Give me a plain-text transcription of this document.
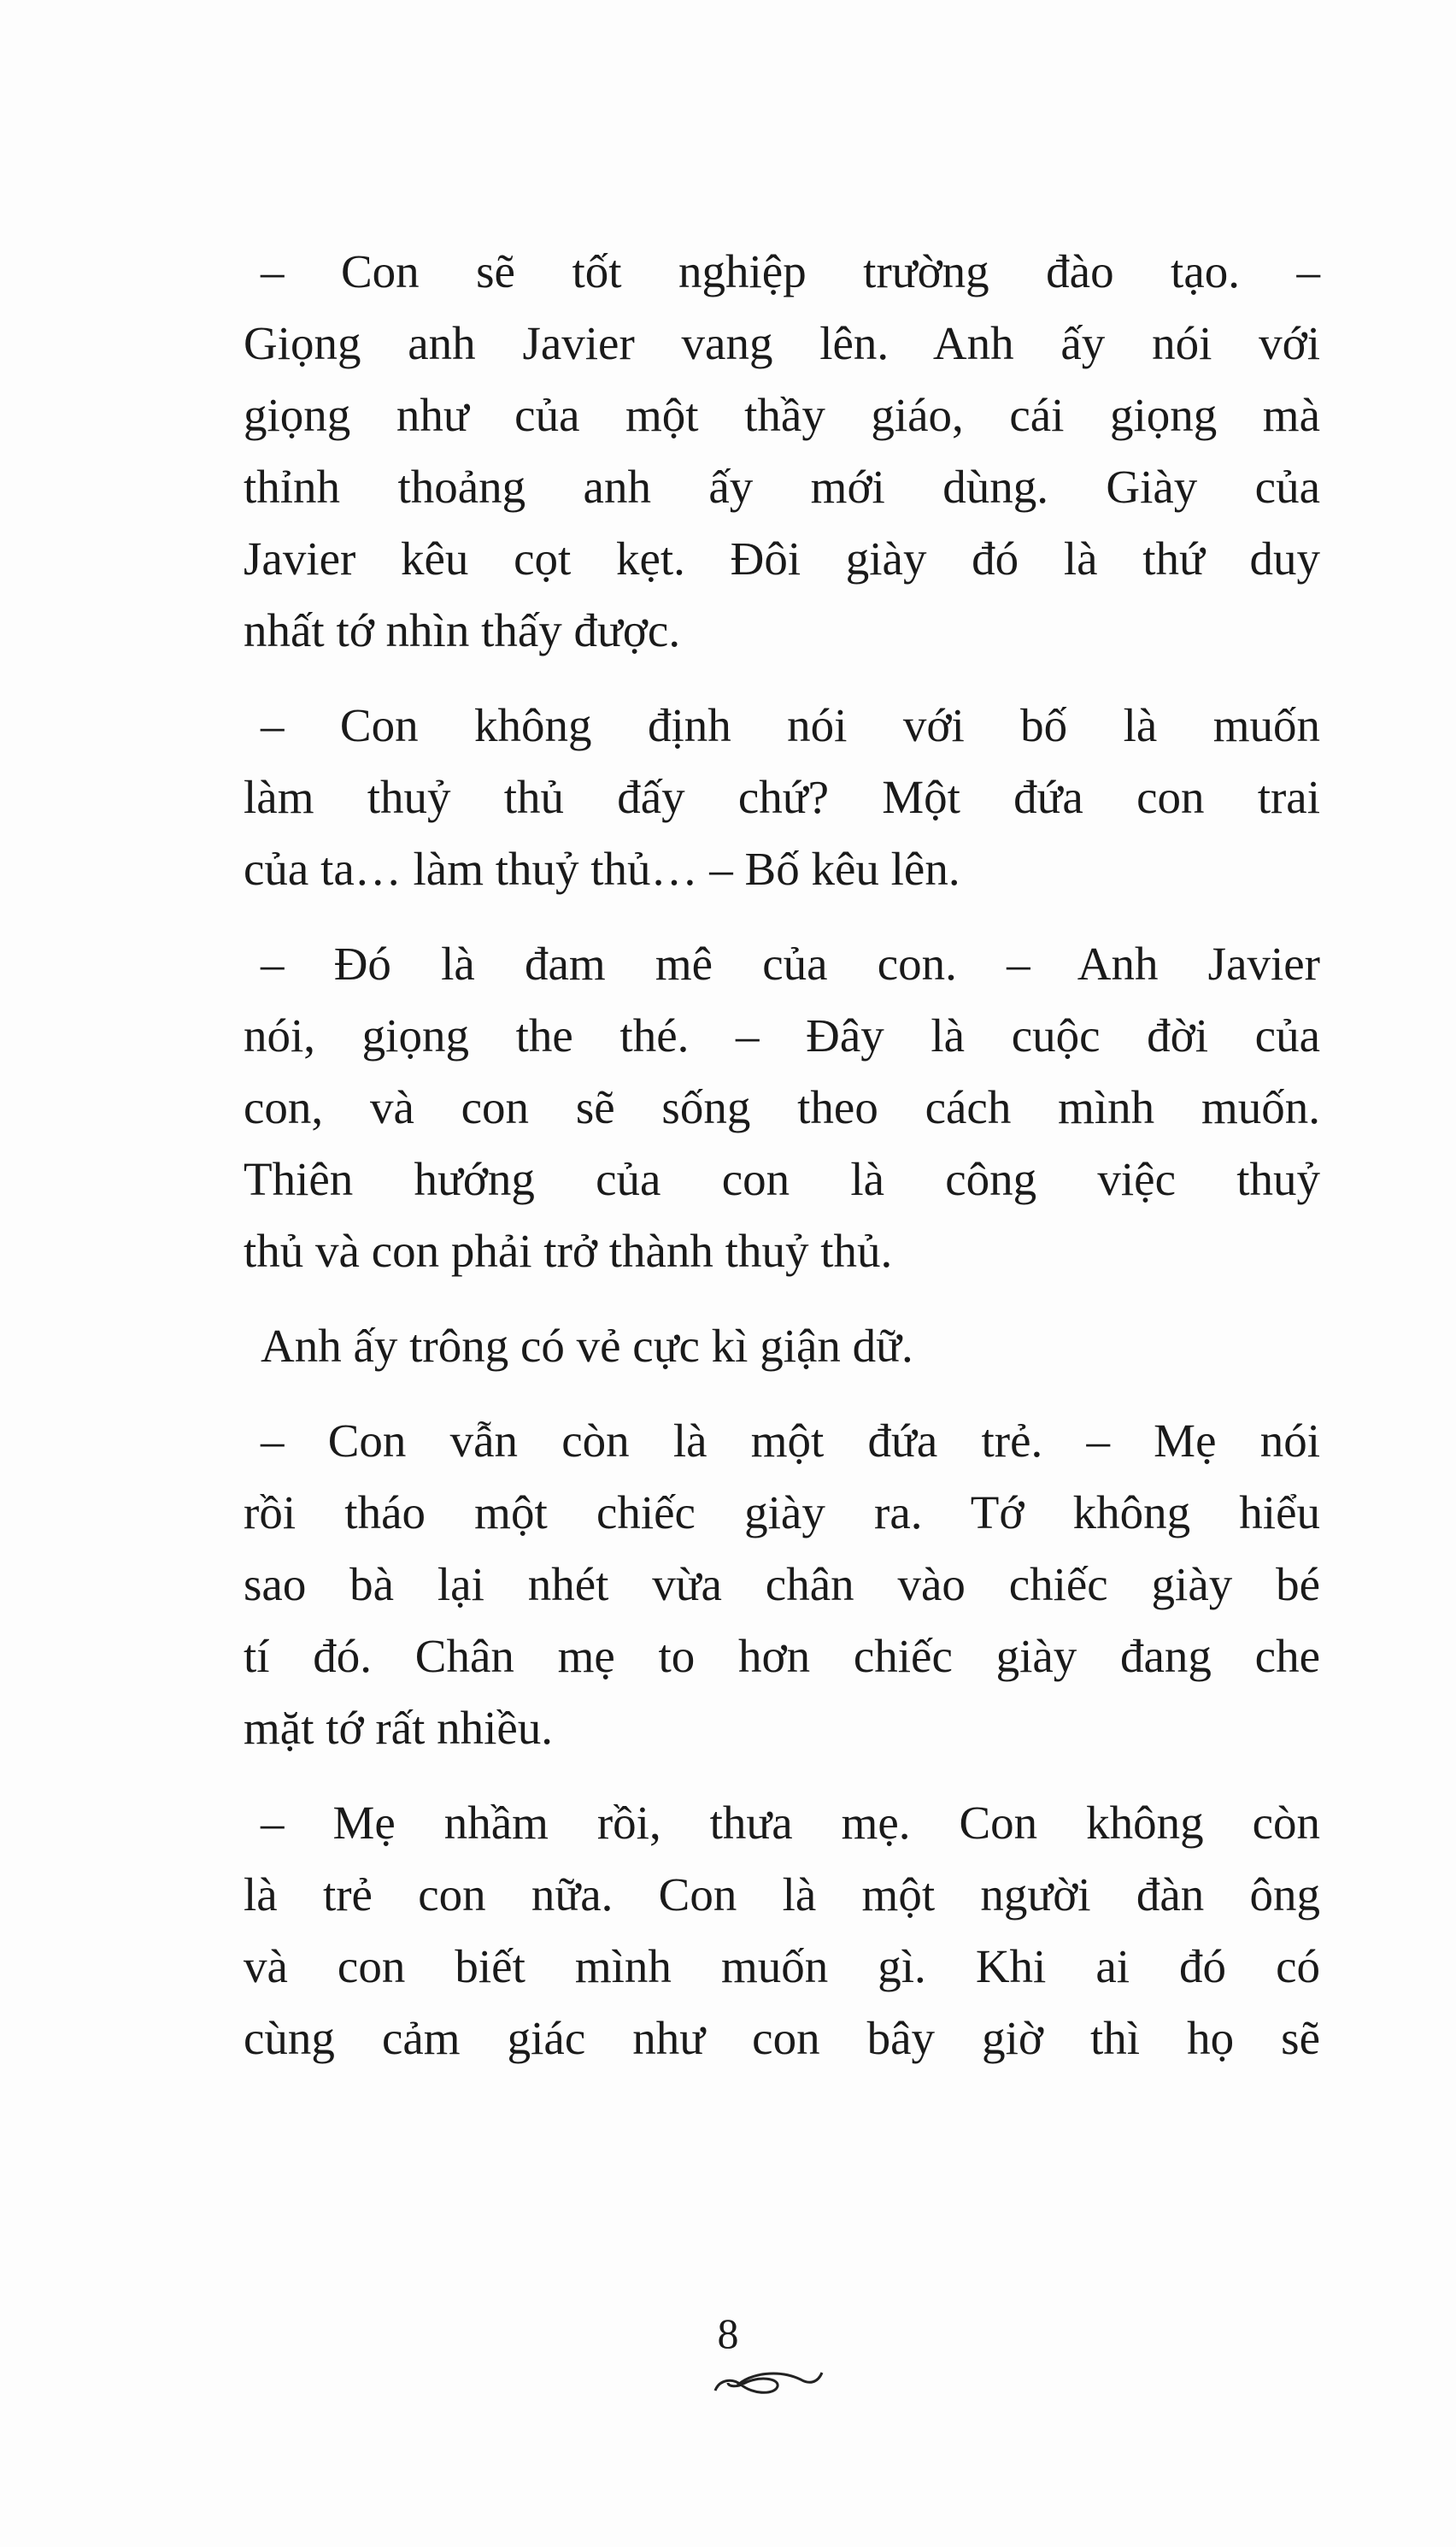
– Con sẽ tốt nghiệp trường đào tạo. –
Giọng anh Javier vang lên. Anh ấy nói với
giọng như của một thầy giáo, cái giọng mà
thỉnh thoảng anh ấy mới dùng. Giày của
Javier kêu cọt kẹt. Đôi giày đó là thứ duy
nhất tớ nhìn thấy được.
– Con không định nói với bố là muốn
làm thuỷ thủ đấy chứ? Một đứa con trai
của ta… làm thuỷ thủ… – Bố kêu lên.
– Đó là đam mê của con. – Anh Javier
nói, giọng the thé. – Đây là cuộc đời của
con, và con sẽ sống theo cách mình muốn.
Thiên hướng của con là công việc thuỷ
thủ và con phải trở thành thuỷ thủ.
Anh ấy trông có vẻ cực kì giận dữ.
– Con vẫn còn là một đứa trẻ. – Mẹ nói
rồi tháo một chiếc giày ra. Tớ không hiểu
sao bà lại nhét vừa chân vào chiếc giày bé
tí đó. Chân mẹ to hơn chiếc giày đang che
mặt tớ rất nhiều.
– Mẹ nhầm rồi, thưa mẹ. Con không còn
là trẻ con nữa. Con là một người đàn ông
và con biết mình muốn gì. Khi ai đó có
cùng cảm giác như con bây giờ thì họ sẽ
8
